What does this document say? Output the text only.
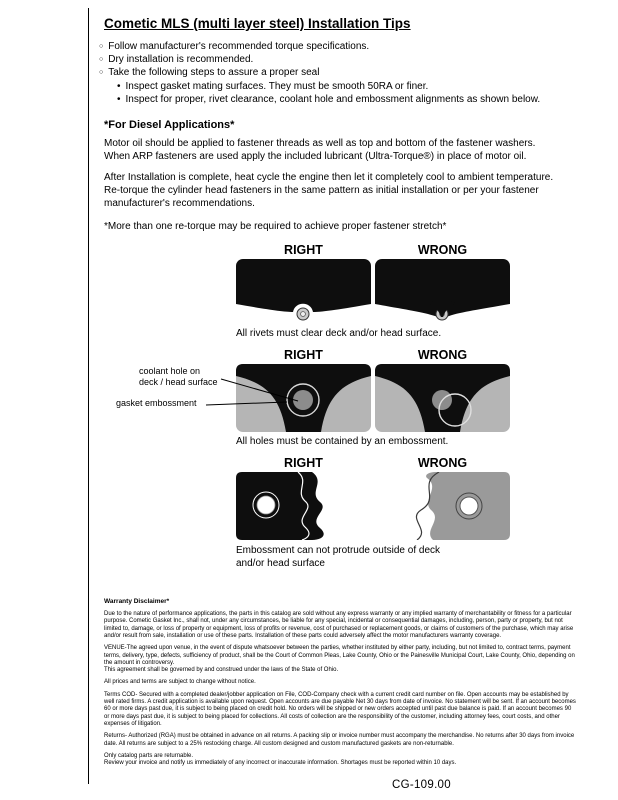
Cometic MLS (multi layer steel) Installation Tips
○ Follow manufacturer's recommended torque specifications.
○ Dry installation is recommended.
○ Take the following steps to assure a proper seal
• Inspect gasket mating surfaces. They must be smooth 50RA or finer.
• Inspect for proper, rivet clearance, coolant hole and embossment alignments as shown below.
*For Diesel Applications*

Motor oil should be applied to fastener threads as well as top and bottom of the fastener washers. When ARP fasteners are used apply the included lubricant (Ultra-Torque®) in place of motor oil.

After Installation is complete, heat cycle the engine then let it completely cool to ambient temperature. Re-torque the cylinder head fasteners in the same pattern as initial installation or per your fastener manufacturer's recommendations.

*More than one re-torque may be required to achieve proper fastener stretch*

RIGHT	WRONG

All rivets must clear deck and/or head surface.

RIGHT	WRONG
coolant hole on deck / head surface
gasket embossment

All holes must be contained by an embossment.

RIGHT	WRONG

Embossment can not protrude outside of deck and/or head surface

Warranty Disclaimer*

Due to the nature of performance applications, the parts in this catalog are sold without any express warranty or any implied warranty of merchantability or fitness for a particular purpose. Cometic Gasket Inc., shall not, under any circumstances, be liable for any special, incidental or consequential damages, including, person, party or property, but not limited to, damage, or loss of property or equipment, loss of profits or revenue, cost of purchased or replacement goods, or claims of customers of the purchase, which may arise and/or result from sale, installation or use of these parts. Installation of these parts could adversely affect the motor manufacturers warranty coverage.

VENUE-The agreed upon venue, in the event of dispute whatsoever between the parties, whether instituted by either party, including, but not limited to, contract terms, payment terms, delivery, type, defects, sufficiency of product, shall be the Court of Common Pleas, Lake County, Ohio or the Painesville Municipal Court, Lake County, Ohio, depending on the amount in controversy.

This agreement shall be governed by and construed under the laws of the State of Ohio.

All prices and terms are subject to change without notice.

Terms COD- Secured with a completed dealer/jobber application on File, COD-Company check with a current credit card number on file. Open accounts may be established by well rated firms. A credit application is available upon request. Open accounts are due payable Net 30 days from date of invoice. No statement will be sent. If an account becomes 60 or more days past due, it is subject to being placed on credit hold. No orders will be shipped or new orders accepted until past due balance is paid. If an account becomes 90 or more days past due, it is subject to being placed for collections. All costs of collection are the responsibility of the customer, including attorney fees, court costs, and other expenses of litigation.

Returns- Authorized (RGA) must be obtained in advance on all returns. A packing slip or invoice number must accompany the merchandise. No returns after 30 days from invoice date. All returns are subject to a 25% restocking charge. All custom designed and custom manufactured gaskets are non-returnable.

Only catalog parts are returnable.

Review your invoice and notify us immediately of any incorrect or inaccurate information. Shortages must be reported within 10 days.

CG-109.00
